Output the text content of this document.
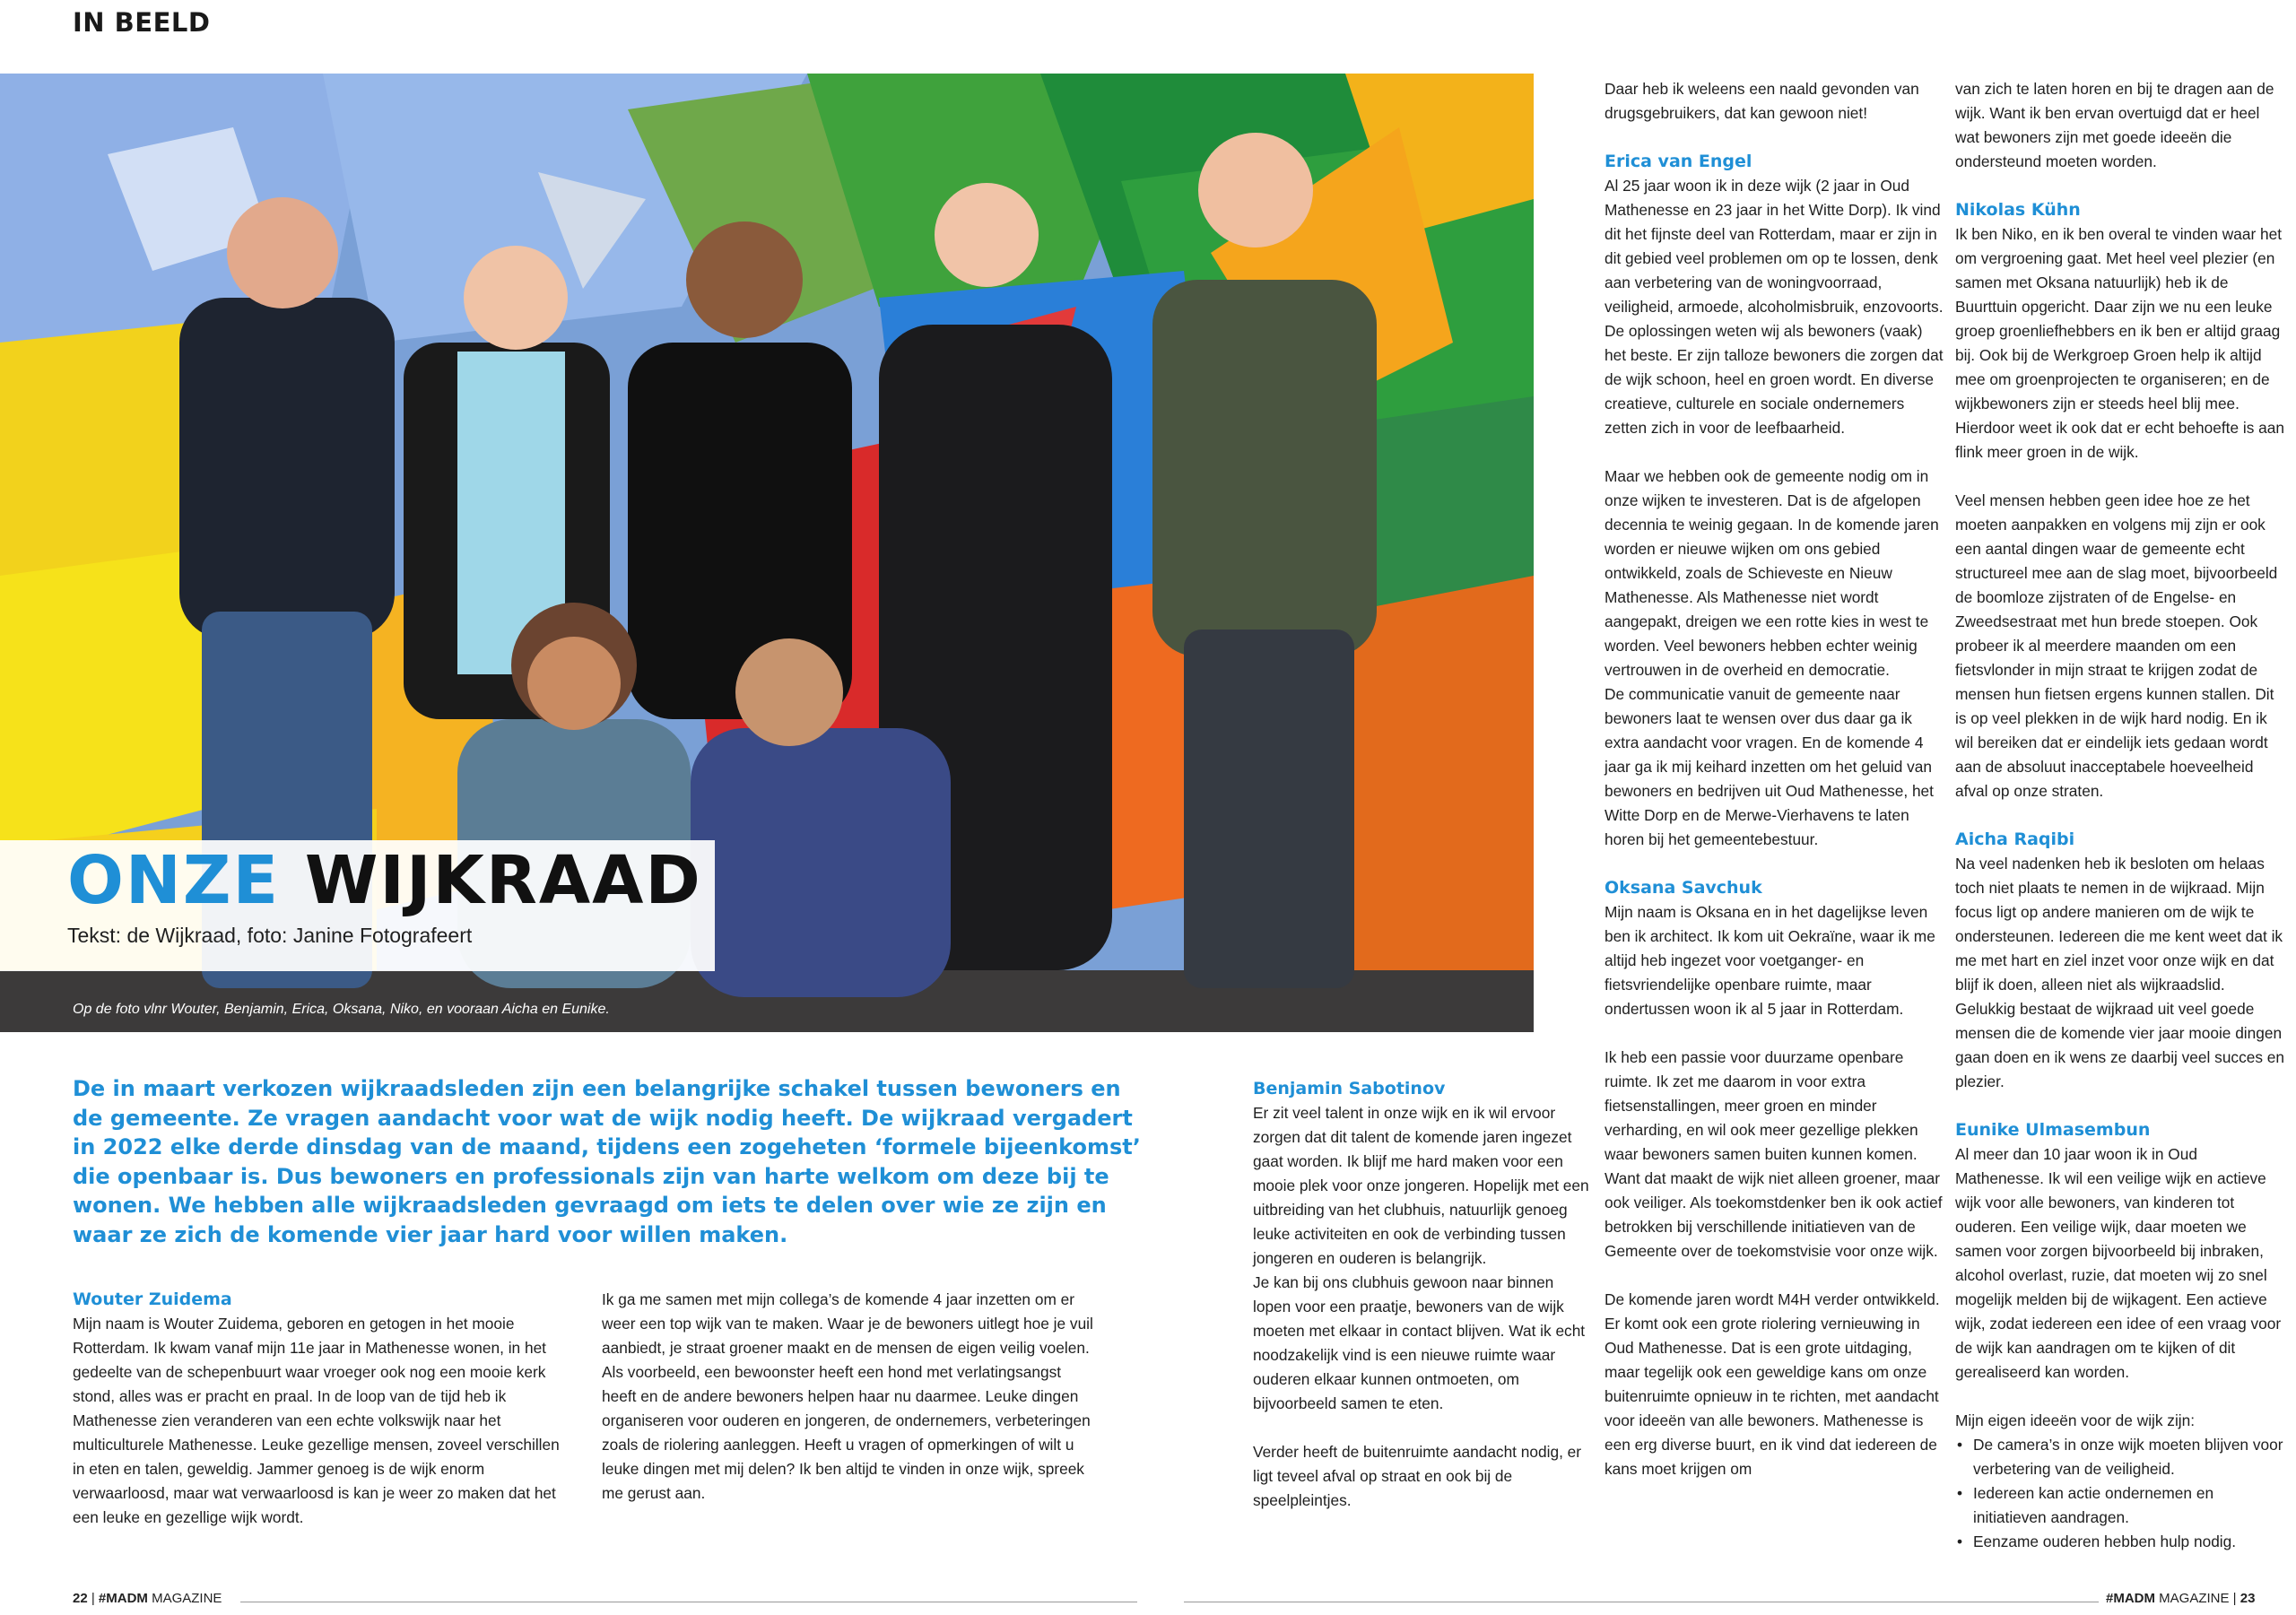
IN BEELD
ONZE WIJKRAAD
Tekst: de Wijkraad, foto: Janine Fotografeert
Op de foto vlnr Wouter, Benjamin, Erica, Oksana, Niko, en vooraan Aicha en Eunike.
De in maart verkozen wijkraadsleden zijn een belangrijke schakel tussen bewoners en de gemeente. Ze vragen aandacht voor wat de wijk nodig heeft. De wijkraad vergadert in 2022 elke derde dinsdag van de maand, tijdens een zogeheten ‘formele bijeenkomst’ die openbaar is. Dus bewoners en professionals zijn van harte welkom om deze bij te wonen. We hebben alle wijkraadsleden gevraagd om iets te delen over wie ze zijn en waar ze zich de komende vier jaar hard voor willen maken.
Wouter Zuidema

Mijn naam is Wouter Zuidema, geboren en getogen in het mooie Rotterdam. Ik kwam vanaf mijn 11e jaar in Mathenesse wonen, in het gedeelte van de schepenbuurt waar vroeger ook nog een mooie kerk stond, alles was er pracht en praal. In de loop van de tijd heb ik Mathenesse zien veranderen van een echte volkswijk naar het multiculturele Mathenesse. Leuke gezellige mensen, zoveel verschillen in eten en talen, geweldig. Jammer genoeg is de wijk enorm verwaarloosd, maar wat verwaarloosd is kan je weer zo maken dat het een leuke en gezellige wijk wordt.

Ik ga me samen met mijn collega’s de komende 4 jaar inzetten om er weer een top wijk van te maken. Waar je de bewoners uitlegt hoe je vuil aanbiedt, je straat groener maakt en de mensen de eigen veilig voelen. Als voorbeeld, een bewoonster heeft een hond met verlatingsangst heeft en de andere bewoners helpen haar nu daarmee. Leuke dingen organiseren voor ouderen en jongeren, de ondernemers, verbeteringen zoals de riolering aanleggen. Heeft u vragen of opmerkingen of wilt u leuke dingen met mij delen? Ik ben altijd te vinden in onze wijk, spreek me gerust aan.

Benjamin Sabotinov

Er zit veel talent in onze wijk en ik wil ervoor zorgen dat dit talent de komende jaren ingezet gaat worden. Ik blijf me hard maken voor een mooie plek voor onze jongeren. Hopelijk met een uitbreiding van het clubhuis, natuurlijk genoeg leuke activiteiten en ook de verbinding tussen jongeren en ouderen is belangrijk.

Je kan bij ons clubhuis gewoon naar binnen lopen voor een praatje, bewoners van de wijk moeten met elkaar in contact blijven. Wat ik echt noodzakelijk vind is een nieuwe ruimte waar ouderen elkaar kunnen ontmoeten, om bijvoorbeeld samen te eten.

Verder heeft de buitenruimte aandacht nodig, er ligt teveel afval op straat en ook bij de speelpleintjes.

Daar heb ik weleens een naald gevonden van drugsgebruikers, dat kan gewoon niet!

Erica van Engel

Al 25 jaar woon ik in deze wijk (2 jaar in Oud Mathenesse en 23 jaar in het Witte Dorp). Ik vind dit het fijnste deel van Rotterdam, maar er zijn in dit gebied veel problemen om op te lossen, denk aan verbetering van de woningvoorraad, veiligheid, armoede, alcoholmisbruik, enzovoorts. De oplossingen weten wij als bewoners (vaak) het beste. Er zijn talloze bewoners die zorgen dat de wijk schoon, heel en groen wordt. En diverse creatieve, culturele en sociale ondernemers zetten zich in voor de leefbaarheid.

Maar we hebben ook de gemeente nodig om in onze wijken te investeren. Dat is de afgelopen decennia te weinig gegaan. In de komende jaren worden er nieuwe wijken om ons gebied ontwikkeld, zoals de Schieveste en Nieuw Mathenesse. Als Mathenesse niet wordt aangepakt, dreigen we een rotte kies in west te worden. Veel bewoners hebben echter weinig vertrouwen in de overheid en democratie.

De communicatie vanuit de gemeente naar bewoners laat te wensen over dus daar ga ik extra aandacht voor vragen. En de komende 4 jaar ga ik mij keihard inzetten om het geluid van bewoners en bedrijven uit Oud Mathenesse, het Witte Dorp en de Merwe-Vierhavens te laten horen bij het gemeentebestuur.

Oksana Savchuk

Mijn naam is Oksana en in het dagelijkse leven ben ik architect. Ik kom uit Oekraïne, waar ik me altijd heb ingezet voor voetganger- en fietsvriendelijke openbare ruimte, maar ondertussen woon ik al 5 jaar in Rotterdam.

Ik heb een passie voor duurzame openbare ruimte. Ik zet me daarom in voor extra fietsenstallingen, meer groen en minder verharding, en wil ook meer gezellige plekken waar bewoners samen buiten kunnen komen. Want dat maakt de wijk niet alleen groener, maar ook veiliger. Als toekomstdenker ben ik ook actief betrokken bij verschillende initiatieven van de Gemeente over de toekomstvisie voor onze wijk.

De komende jaren wordt M4H verder ontwikkeld. Er komt ook een grote riolering vernieuwing in Oud Mathenesse. Dat is een grote uitdaging, maar tegelijk ook een geweldige kans om onze buitenruimte opnieuw in te richten, met aandacht voor ideeën van alle bewoners. Mathenesse is een erg diverse buurt, en ik vind dat iedereen de kans moet krijgen om

van zich te laten horen en bij te dragen aan de wijk. Want ik ben ervan overtuigd dat er heel wat bewoners zijn met goede ideeën die ondersteund moeten worden.

Nikolas Kühn

Ik ben Niko, en ik ben overal te vinden waar het om vergroening gaat. Met heel veel plezier (en samen met Oksana natuurlijk) heb ik de Buurttuin opgericht. Daar zijn we nu een leuke groep groenliefhebbers en ik ben er altijd graag bij. Ook bij de Werkgroep Groen help ik altijd mee om groenprojecten te organiseren; en de wijkbewoners zijn er steeds heel blij mee. Hierdoor weet ik ook dat er echt behoefte is aan flink meer groen in de wijk.

Veel mensen hebben geen idee hoe ze het moeten aanpakken en volgens mij zijn er ook een aantal dingen waar de gemeente echt structureel mee aan de slag moet, bijvoorbeeld de boomloze zijstraten of de Engelse- en Zweedsestraat met hun brede stoepen. Ook probeer ik al meerdere maanden om een fietsvlonder in mijn straat te krijgen zodat de mensen hun fietsen ergens kunnen stallen. Dit is op veel plekken in de wijk hard nodig. En ik wil bereiken dat er eindelijk iets gedaan wordt aan de absoluut inacceptabele hoeveelheid afval op onze straten.

Aicha Raqibi

Na veel nadenken heb ik besloten om helaas toch niet plaats te nemen in de wijkraad. Mijn focus ligt op andere manieren om de wijk te ondersteunen. Iedereen die me kent weet dat ik me met hart en ziel inzet voor onze wijk en dat blijf ik doen, alleen niet als wijkraadslid. Gelukkig bestaat de wijkraad uit veel goede mensen die de komende vier jaar mooie dingen gaan doen en ik wens ze daarbij veel succes en plezier.

Eunike Ulmasembun

Al meer dan 10 jaar woon ik in Oud Mathenesse. Ik wil een veilige wijk en actieve wijk voor alle bewoners, van kinderen tot ouderen. Een veilige wijk, daar moeten we samen voor zorgen bijvoorbeeld bij inbraken, alcohol overlast, ruzie, dat moeten wij zo snel mogelijk melden bij de wijkagent. Een actieve wijk, zodat iedereen een idee of een vraag voor de wijk kan aandragen om te kijken of dit gerealiseerd kan worden.

Mijn eigen ideeën voor de wijk zijn:

• De camera’s in onze wijk moeten blijven voor verbetering van de veiligheid.
• Iedereen kan actie ondernemen en initiatieven aandragen.
• Eenzame ouderen hebben hulp nodig.
22 | #MADM MAGAZINE	#MADM MAGAZINE | 23
